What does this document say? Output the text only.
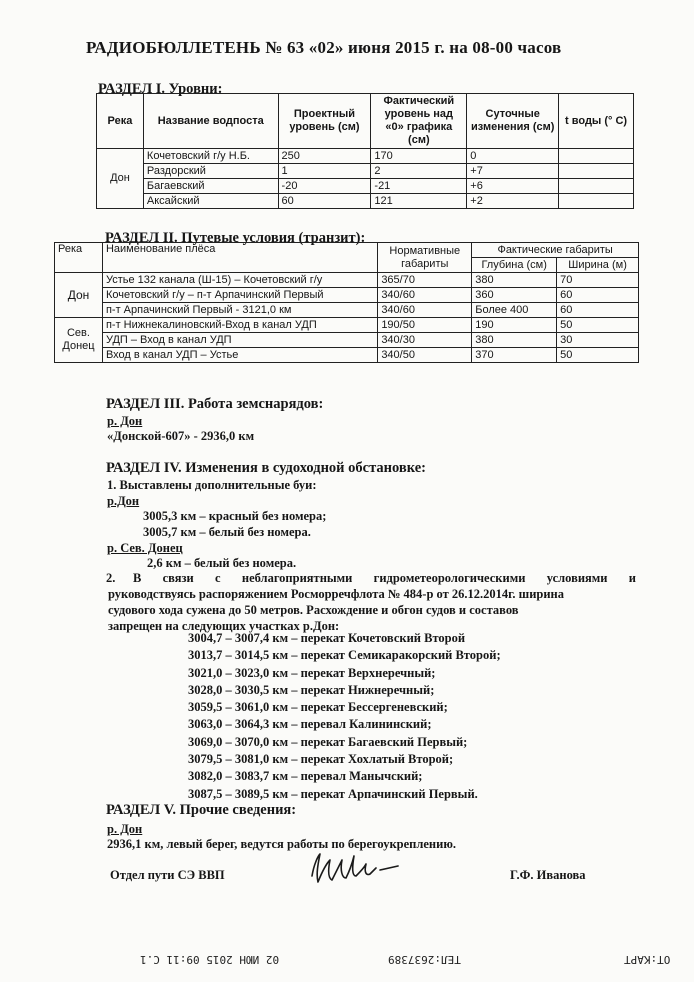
РАДИОБЮЛЛЕТЕНЬ № 63 «02» июня 2015 г. на 08-00 часов
РАЗДЕЛ I. Уровни:
Река	Название водпоста	Проектный уровень (см)	Фактический уровень над «0» графика (см)	Суточные изменения (см)	t воды (° C)
Дон	Кочетовский г/у Н.Б.	250	170	0	
	Раздорский	1	2	+7	
	Багаевский	-20	-21	+6	
	Аксайский	60	121	+2	
РАЗДЕЛ II. Путевые условия (транзит):
Река	Наименование плёса	Нормативные габариты	Фактические габариты	
			Глубина (см)	Ширина (м)
Дон	Устье 132 канала (Ш-15) – Кочетовский г/у	365/70	380	70
	Кочетовский г/у – п-т Арпачинский Первый	340/60	360	60
	п-т Арпачинский Первый - 3121,0 км	340/60	Более 400	60
Сев. Донец	п-т Нижнекалиновский-Вход в канал УДП	190/50	190	50
	УДП – Вход в канал УДП	340/30	380	30
	Вход в канал УДП – Устье	340/50	370	50
РАЗДЕЛ III. Работа земснарядов:
р. Дон
«Донской-607» - 2936,0 км
РАЗДЕЛ IV. Изменения в судоходной обстановке:
1. Выставлены дополнительные буи:
р.Дон
3005,3 км – красный без номера;
3005,7 км – белый без номера.
р. Сев. Донец
2,6 км – белый без номера.
2. В связи с неблагоприятными гидрометеорологическими условиями и
руководствуясь распоряжением Росморречфлота № 484-р от 26.12.2014г. ширина
судового хода сужена до 50 метров. Расхождение и обгон судов и составов
запрещен на следующих участках р.Дон:
3004,7 – 3007,4 км – перекат Кочетовский Второй
3013,7 – 3014,5 км – перекат Семикаракорский Второй;
3021,0 – 3023,0 км – перекат Верхнеречный;
3028,0 – 3030,5 км – перекат Нижнеречный;
3059,5 – 3061,0 км – перекат Бессергеневский;
3063,0 – 3064,3 км – перевал Калининский;
3069,0 – 3070,0 км – перекат Багаевский Первый;
3079,5 – 3081,0 км – перекат Хохлатый Второй;
3082,0 – 3083,7 км – перевал Манычский;
3087,5 – 3089,5 км – перекат Арпачинский Первый.
РАЗДЕЛ V. Прочие сведения:
р. Дон
2936,1 км, левый берег, ведутся работы по берегоукреплению.
Отдел пути СЭ ВВП	Г.Ф. Иванова
02 ИЮН 2015 09:11 С.1	ТЕЛ:2637389	ОТ:КАРТ
